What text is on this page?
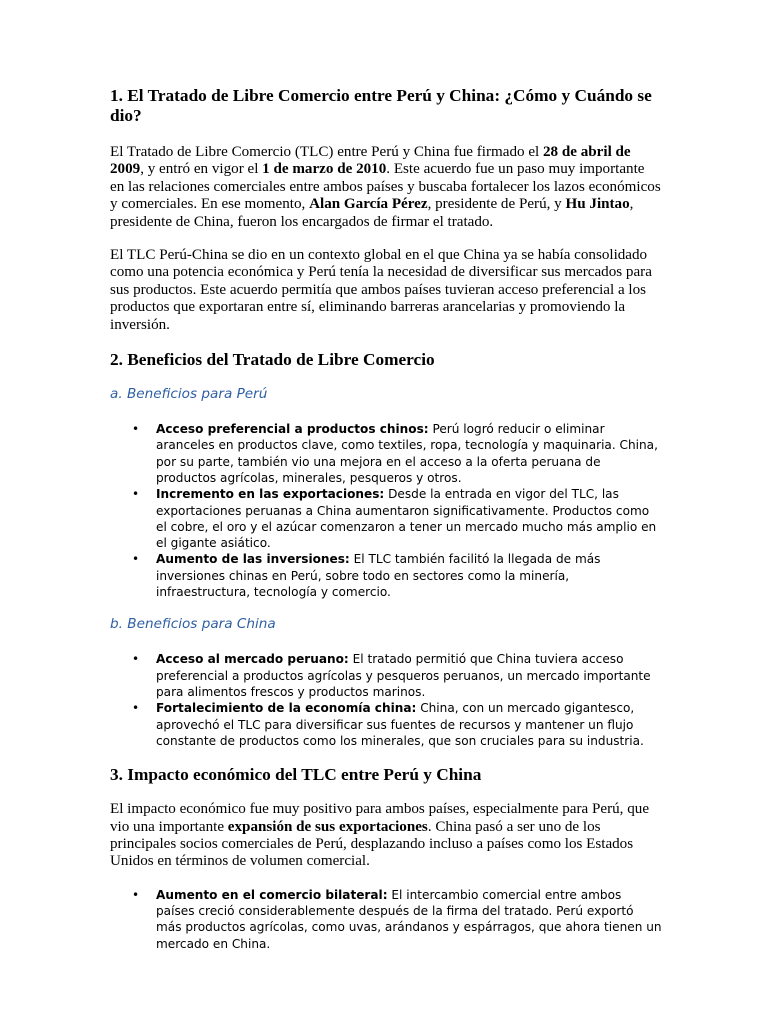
1. El Tratado de Libre Comercio entre Perú y China: ¿Cómo y Cuándo se dio?

El Tratado de Libre Comercio (TLC) entre Perú y China fue firmado el 28 de abril de 2009, y entró en vigor el 1 de marzo de 2010. Este acuerdo fue un paso muy importante en las relaciones comerciales entre ambos países y buscaba fortalecer los lazos económicos y comerciales. En ese momento, Alan García Pérez, presidente de Perú, y Hu Jintao, presidente de China, fueron los encargados de firmar el tratado.

El TLC Perú-China se dio en un contexto global en el que China ya se había consolidado como una potencia económica y Perú tenía la necesidad de diversificar sus mercados para sus productos. Este acuerdo permitía que ambos países tuvieran acceso preferencial a los productos que exportaran entre sí, eliminando barreras arancelarias y promoviendo la inversión.

2. Beneficios del Tratado de Libre Comercio
a. Beneficios para Perú
• Acceso preferencial a productos chinos: Perú logró reducir o eliminar aranceles en productos clave, como textiles, ropa, tecnología y maquinaria. China, por su parte, también vio una mejora en el acceso a la oferta peruana de productos agrícolas, minerales, pesqueros y otros.
• Incremento en las exportaciones: Desde la entrada en vigor del TLC, las exportaciones peruanas a China aumentaron significativamente. Productos como el cobre, el oro y el azúcar comenzaron a tener un mercado mucho más amplio en el gigante asiático.
• Aumento de las inversiones: El TLC también facilitó la llegada de más inversiones chinas en Perú, sobre todo en sectores como la minería, infraestructura, tecnología y comercio.
b. Beneficios para China
• Acceso al mercado peruano: El tratado permitió que China tuviera acceso preferencial a productos agrícolas y pesqueros peruanos, un mercado importante para alimentos frescos y productos marinos.
• Fortalecimiento de la economía china: China, con un mercado gigantesco, aprovechó el TLC para diversificar sus fuentes de recursos y mantener un flujo constante de productos como los minerales, que son cruciales para su industria.
3. Impacto económico del TLC entre Perú y China

El impacto económico fue muy positivo para ambos países, especialmente para Perú, que vio una importante expansión de sus exportaciones. China pasó a ser uno de los principales socios comerciales de Perú, desplazando incluso a países como los Estados Unidos en términos de volumen comercial.

• Aumento en el comercio bilateral: El intercambio comercial entre ambos países creció considerablemente después de la firma del tratado. Perú exportó más productos agrícolas, como uvas, arándanos y espárragos, que ahora tienen un mercado en China.
